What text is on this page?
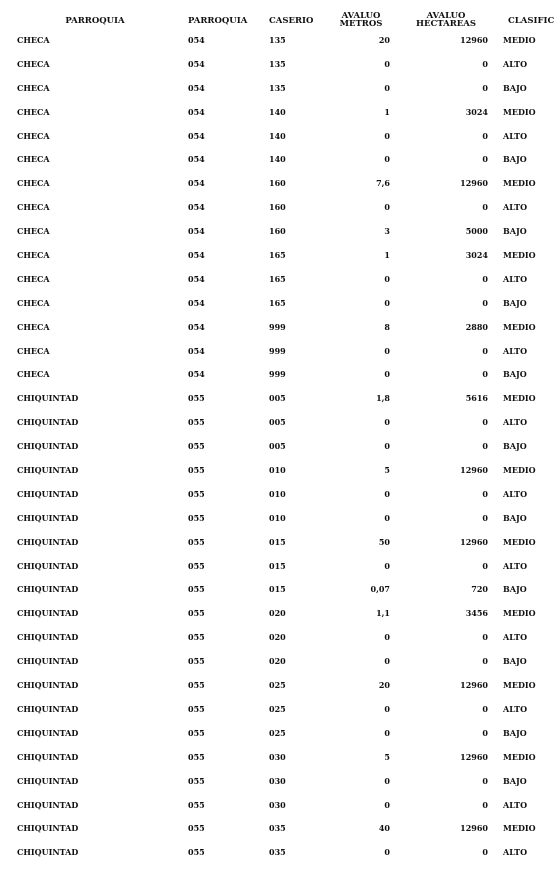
PARROQUIA	PARROQUIA	CASERIO	AVALUO
METROS
AVALUO
HECTAREAS	CLASIFIC
CHECA	054	135	20	12960 MEDIO
CHECA	054	135	0	0 ALTO
CHECA	054	135	0	0 BAJO
CHECA	054	140	1	3024 MEDIO
CHECA	054	140	0	0 ALTO
CHECA	054	140	0	0 BAJO
CHECA	054	160	7,6	12960 MEDIO
CHECA	054	160	0	0 ALTO
CHECA	054	160	3	5000 BAJO
CHECA	054	165	1	3024 MEDIO
CHECA	054	165	0	0 ALTO
CHECA	054	165	0	0 BAJO
CHECA	054	999	8	2880 MEDIO
CHECA	054	999	0	0 ALTO
CHECA	054	999	0	0 BAJO
CHIQUINTAD	055	005	1,8	5616 MEDIO
CHIQUINTAD	055	005	0	0 ALTO
CHIQUINTAD	055	005	0	0 BAJO
CHIQUINTAD	055	010	5	12960 MEDIO
CHIQUINTAD	055	010	0	0 ALTO
CHIQUINTAD	055	010	0	0 BAJO
CHIQUINTAD	055	015	50	12960 MEDIO
CHIQUINTAD	055	015	0	0 ALTO
CHIQUINTAD	055	015	0,07	720 BAJO
CHIQUINTAD	055	020	1,1	3456 MEDIO
CHIQUINTAD	055	020	0	0 ALTO
CHIQUINTAD	055	020	0	0 BAJO
CHIQUINTAD	055	025	20	12960 MEDIO
CHIQUINTAD	055	025	0	0 ALTO
CHIQUINTAD	055	025	0	0 BAJO
CHIQUINTAD	055	030	5	12960 MEDIO
CHIQUINTAD	055	030	0	0 BAJO
CHIQUINTAD	055	030	0	0 ALTO
CHIQUINTAD	055	035	40	12960 MEDIO
CHIQUINTAD	055	035	0	0 ALTO
